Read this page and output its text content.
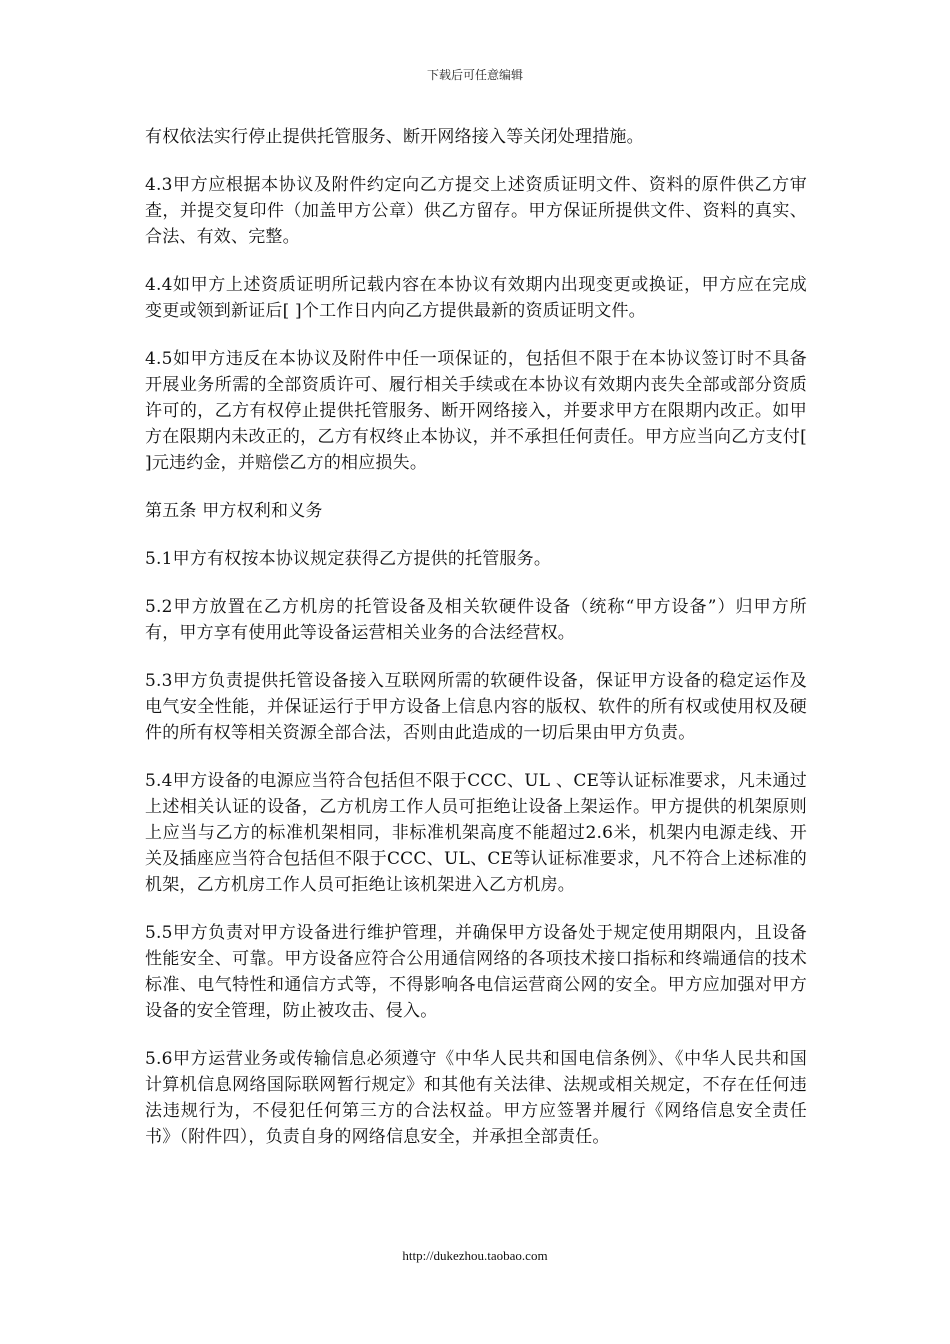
下载后可任意编辑

有权依法实行停止提供托管服务、断开网络接入等关闭处理措施。

4.3甲方应根据本协议及附件约定向乙方提交上述资质证明文件、资料的原件供乙方审查，并提交复印件（加盖甲方公章）供乙方留存。甲方保证所提供文件、资料的真实、合法、有效、完整。

4.4如甲方上述资质证明所记载内容在本协议有效期内出现变更或换证，甲方应在完成变更或领到新证后[ ]个工作日内向乙方提供最新的资质证明文件。

4.5如甲方违反在本协议及附件中任一项保证的，包括但不限于在本协议签订时不具备开展业务所需的全部资质许可、履行相关手续或在本协议有效期内丧失全部或部分资质许可的，乙方有权停止提供托管服务、断开网络接入，并要求甲方在限期内改正。如甲方在限期内未改正的，乙方有权终止本协议，并不承担任何责任。甲方应当向乙方支付[ ]元违约金，并赔偿乙方的相应损失。

第五条 甲方权利和义务

5.1甲方有权按本协议规定获得乙方提供的托管服务。

5.2甲方放置在乙方机房的托管设备及相关软硬件设备（统称“甲方设备”）归甲方所有，甲方享有使用此等设备运营相关业务的合法经营权。

5.3甲方负责提供托管设备接入互联网所需的软硬件设备，保证甲方设备的稳定运作及电气安全性能，并保证运行于甲方设备上信息内容的版权、软件的所有权或使用权及硬件的所有权等相关资源全部合法，否则由此造成的一切后果由甲方负责。

5.4甲方设备的电源应当符合包括但不限于CCC、UL 、CE等认证标准要求，凡未通过上述相关认证的设备，乙方机房工作人员可拒绝让设备上架运作。甲方提供的机架原则上应当与乙方的标准机架相同，非标准机架高度不能超过2.6米，机架内电源走线、开关及插座应当符合包括但不限于CCC、UL、CE等认证标准要求，凡不符合上述标准的机架，乙方机房工作人员可拒绝让该机架进入乙方机房。

5.5甲方负责对甲方设备进行维护管理，并确保甲方设备处于规定使用期限内，且设备性能安全、可靠。甲方设备应符合公用通信网络的各项技术接口指标和终端通信的技术标准、电气特性和通信方式等，不得影响各电信运营商公网的安全。甲方应加强对甲方设备的安全管理，防止被攻击、侵入。

5.6甲方运营业务或传输信息必须遵守《中华人民共和国电信条例》、《中华人民共和国计算机信息网络国际联网暂行规定》和其他有关法律、法规或相关规定，不存在任何违法违规行为，不侵犯任何第三方的合法权益。甲方应签署并履行《网络信息安全责任书》（附件四），负责自身的网络信息安全，并承担全部责任。

http://dukezhou.taobao.com
